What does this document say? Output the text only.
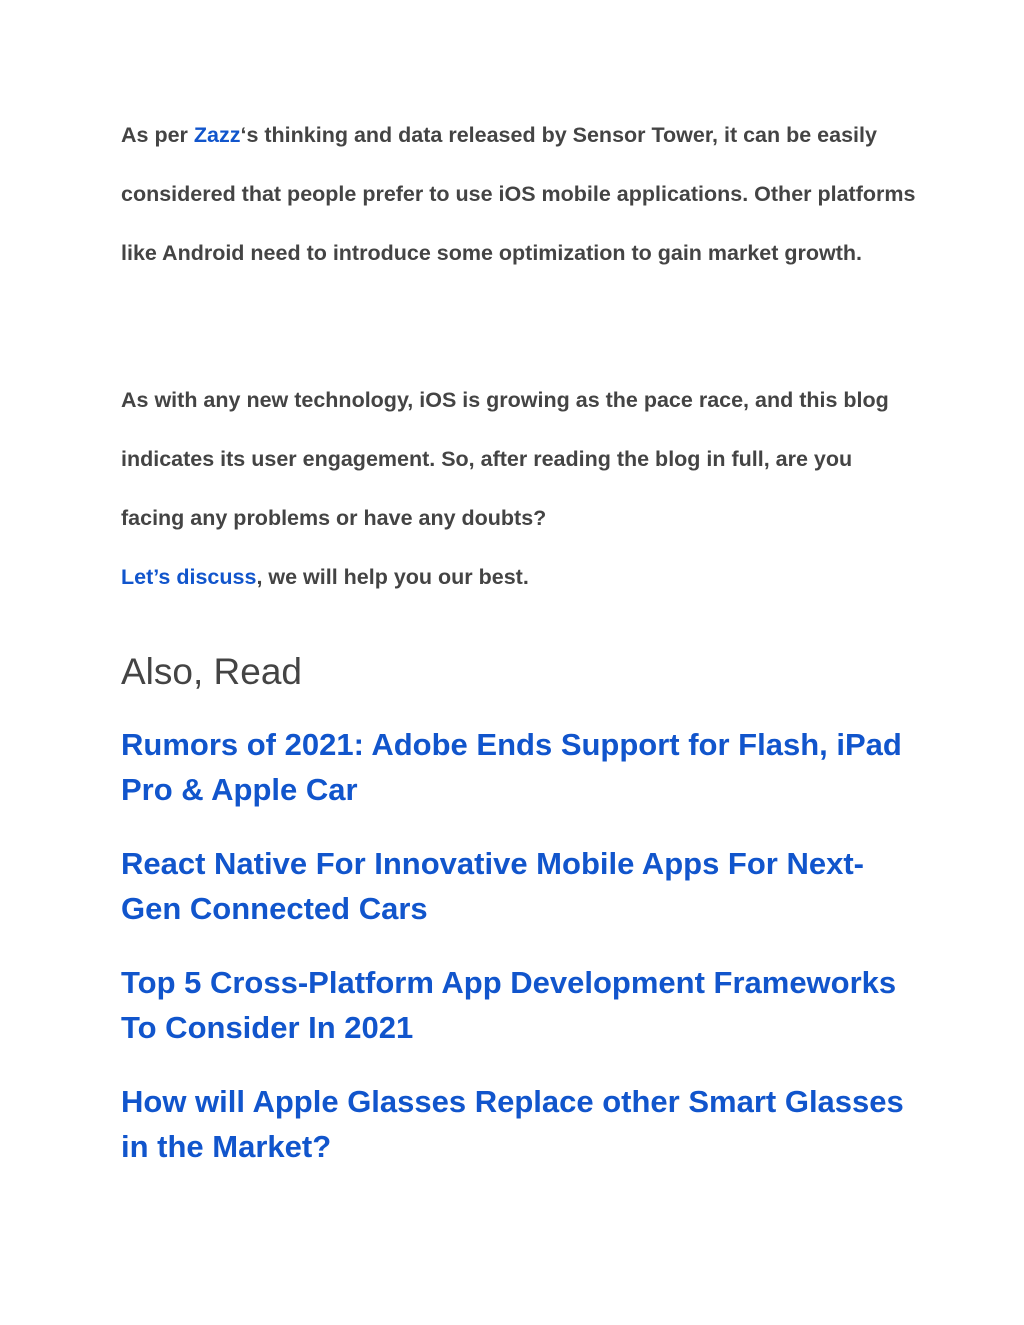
As per Zazz‘s thinking and data released by Sensor Tower, it can be easily considered that people prefer to use iOS mobile applications. Other platforms like Android need to introduce some optimization to gain market growth.

As with any new technology, iOS is growing as the pace race, and this blog indicates its user engagement. So, after reading the blog in full, are you facing any problems or have any doubts?
Let’s discuss, we will help you our best.

Also, Read
Rumors of 2021: Adobe Ends Support for Flash, iPad Pro & Apple Car
React Native For Innovative Mobile Apps For Next-Gen Connected Cars
Top 5 Cross-Platform App Development Frameworks To Consider In 2021
How will Apple Glasses Replace other Smart Glasses in the Market?
